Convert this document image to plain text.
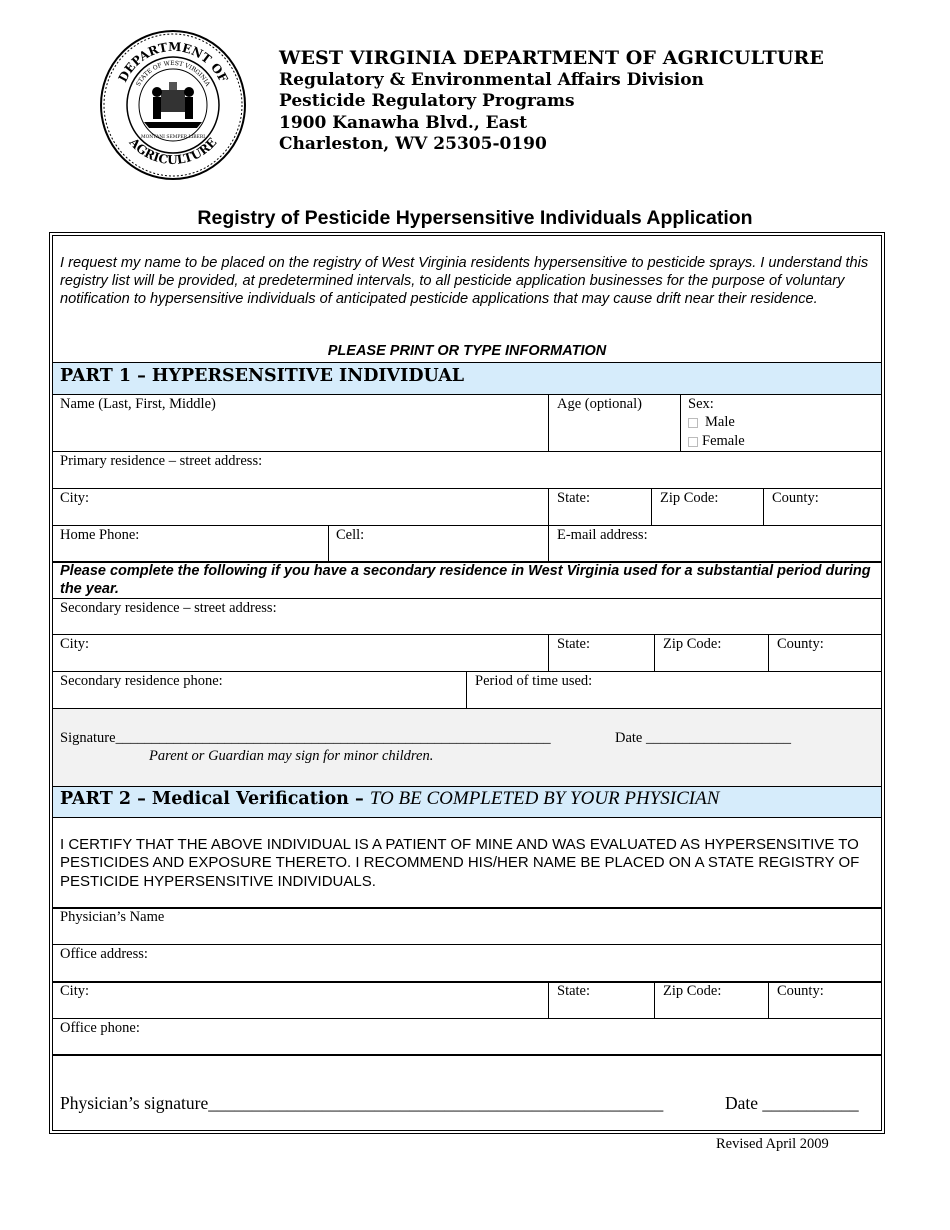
DEPARTMENT OF
AGRICULTURE
STATE OF WEST VIRGINIA
MONTANI SEMPER LIBERI
WEST VIRGINIA DEPARTMENT OF AGRICULTURE
Regulatory & Environmental Affairs Division
Pesticide Regulatory Programs
1900 Kanawha Blvd., East
Charleston, WV 25305-0190
Registry of Pesticide Hypersensitive Individuals Application
I request my name to be placed on the registry of West Virginia residents hypersensitive to pesticide sprays. I understand this registry list will be provided, at predetermined intervals, to all pesticide application businesses for the purpose of voluntary notification to hypersensitive individuals of anticipated pesticide applications that may cause drift near their residence.
PLEASE PRINT OR TYPE INFORMATION
PART 1 – HYPERSENSITIVE INDIVIDUAL
Name (Last, First, Middle)	Age (optional)	Sex:
Male
Female
Primary residence – street address:
City:	State:	Zip Code:	County:
Home Phone:	Cell:	E-mail address:
Please complete the following if you have a secondary residence in West Virginia used for a substantial period during the year.
Secondary residence – street address:
City:	State:	Zip Code:	County:
Secondary residence phone:	Period of time used:
Signature____________________________________________________________	Date ____________________
Parent or Guardian may sign for minor children.
PART 2 – Medical Verification – TO BE COMPLETED BY YOUR PHYSICIAN
I CERTIFY THAT THE ABOVE INDIVIDUAL IS A PATIENT OF MINE AND WAS EVALUATED AS HYPERSENSITIVE TO PESTICIDES AND EXPOSURE THERETO. I RECOMMEND HIS/HER NAME BE PLACED ON A STATE REGISTRY OF PESTICIDE HYPERSENSITIVE INDIVIDUALS.
Physician’s Name
Office address:
City:	State:	Zip Code:	County:
Office phone:
Physician’s signature____________________________________________________	Date ___________
Revised April 2009
